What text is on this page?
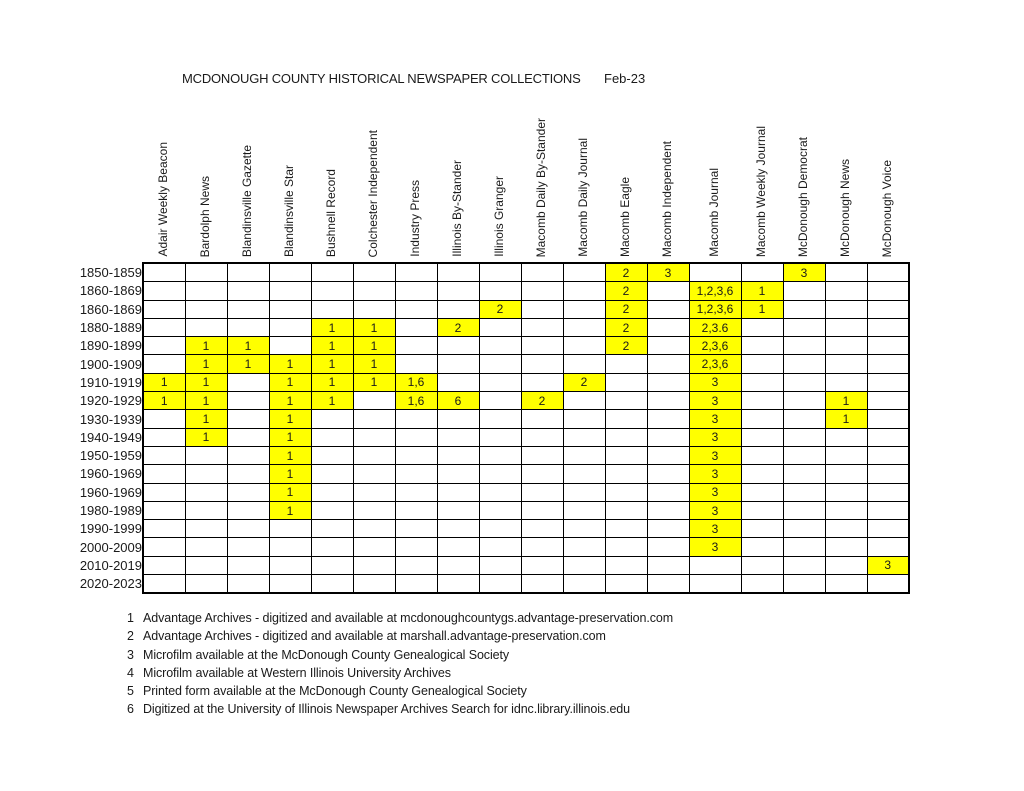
MCDONOUGH COUNTY HISTORICAL NEWSPAPER COLLECTIONS Feb-23
	Adair Weekly Beacon	Bardolph News	Blandinsville Gazette	Blandinsville Star	Bushnell Record	Colchester Independent	Industry Press	Illinois By-Stander	Illinois Granger	Macomb Daily By-Stander	Macomb Daily Journal	Macomb Eagle	Macomb Independent	Macomb Journal	Macomb Weekly Journal	McDonough Democrat	McDonough News	McDonough Voice
1850-1859												2	3			3		
1860-1869												2		1,2,3,6	1			
1860-1869									2			2		1,2,3,6	1			
1880-1889					1	1		2				2		2,3.6				
1890-1899		1	1		1	1						2		2,3,6				
1900-1909		1	1	1	1	1								2,3,6				
1910-1919	1	1		1	1	1	1,6				2			3				
1920-1929	1	1		1	1		1,6	6		2				3			1	
1930-1939		1		1										3			1	
1940-1949		1		1										3				
1950-1959				1										3				
1960-1969				1										3				
1960-1969				1										3				
1980-1989				1										3				
1990-1999														3				
2000-2009														3				
2010-2019																		3
2020-2023																		
1 Advantage Archives - digitized and available at mcdonoughcountygs.advantage-preservation.com
2 Advantage Archives - digitized and available at marshall.advantage-preservation.com
3 Microfilm available at the McDonough County Genealogical Society
4 Microfilm available at Western Illinois University Archives
5 Printed form available at the McDonough County Genealogical Society
6 Digitized at the University of Illinois Newspaper Archives Search for idnc.library.illinois.edu
